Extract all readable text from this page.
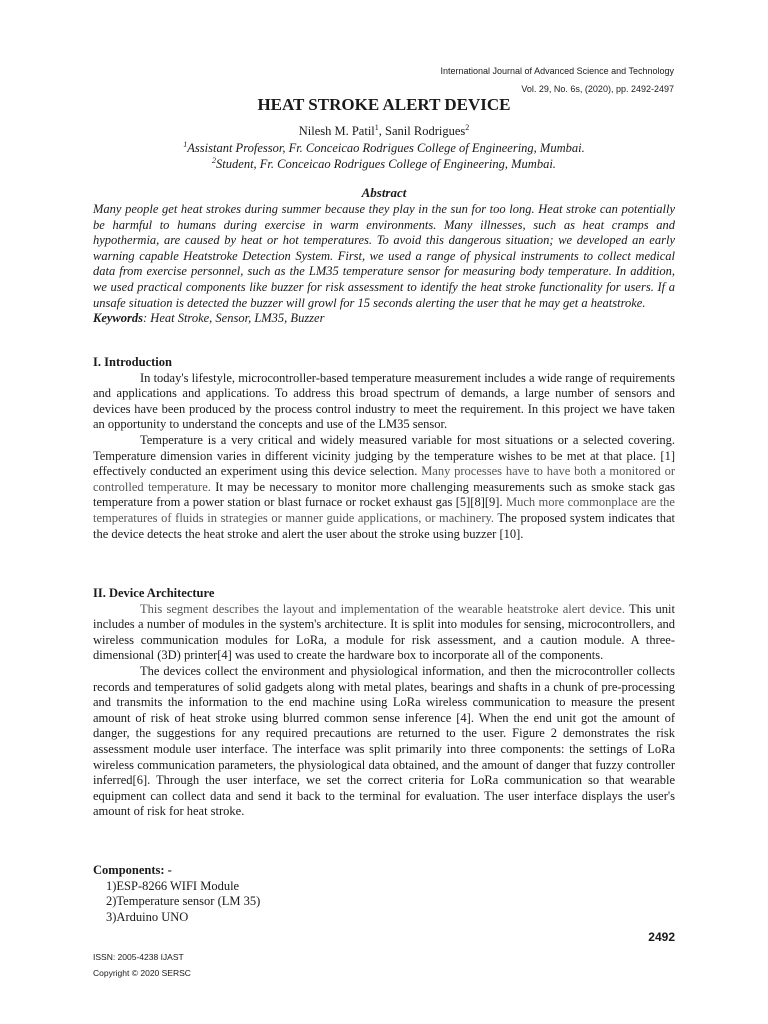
International Journal of Advanced Science and Technology
Vol. 29, No. 6s, (2020), pp. 2492-2497
HEAT STROKE ALERT DEVICE
Nilesh M. Patil$^1$, Sanil Rodrigues$^2$
$^1$Assistant Professor, Fr. Conceicao Rodrigues College of Engineering, Mumbai.
$^2$Student, Fr. Conceicao Rodrigues College of Engineering, Mumbai.
Abstract
Many people get heat strokes during summer because they play in the sun for too long. Heat stroke can potentially be harmful to humans during exercise in warm environments. Many illnesses, such as heat cramps and hypothermia, are caused by heat or hot temperatures. To avoid this dangerous situation; we developed an early warning capable Heatstroke Detection System. First, we used a range of physical instruments to collect medical data from exercise personnel, such as the LM35 temperature sensor for measuring body temperature. In addition, we used practical components like buzzer for risk assessment to identify the heat stroke functionality for users. If a unsafe situation is detected the buzzer will growl for 15 seconds alerting the user that he may get a heatstroke.
Keywords: Heat Stroke, Sensor, LM35, Buzzer
I. Introduction
In today's lifestyle, microcontroller-based temperature measurement includes a wide range of requirements and applications and applications. To address this broad spectrum of demands, a large number of sensors and devices have been produced by the process control industry to meet the requirement. In this project we have taken an opportunity to understand the concepts and use of the LM35 sensor.
Temperature is a very critical and widely measured variable for most situations or a selected covering. Temperature dimension varies in different vicinity judging by the temperature wishes to be met at that place. [1] effectively conducted an experiment using this device selection. Many processes have to have both a monitored or controlled temperature. It may be necessary to monitor more challenging measurements such as smoke stack gas temperature from a power station or blast furnace or rocket exhaust gas [5][8][9]. Much more commonplace are the temperatures of fluids in strategies or manner guide applications, or machinery. The proposed system indicates that the device detects the heat stroke and alert the user about the stroke using buzzer [10].
II. Device Architecture
This segment describes the layout and implementation of the wearable heatstroke alert device. This unit includes a number of modules in the system's architecture. It is split into modules for sensing, microcontrollers, and wireless communication modules for LoRa, a module for risk assessment, and a caution module. A three-dimensional (3D) printer[4] was used to create the hardware box to incorporate all of the components.
The devices collect the environment and physiological information, and then the microcontroller collects records and temperatures of solid gadgets along with metal plates, bearings and shafts in a chunk of pre-processing and transmits the information to the end machine using LoRa wireless communication to measure the present amount of risk of heat stroke using blurred common sense inference [4]. When the end unit got the amount of danger, the suggestions for any required precautions are returned to the user. Figure 2 demonstrates the risk assessment module user interface. The interface was split primarily into three components: the settings of LoRa wireless communication parameters, the physiological data obtained, and the amount of danger that fuzzy controller inferred[6]. Through the user interface, we set the correct criteria for LoRa communication so that wearable equipment can collect data and send it back to the terminal for evaluation. The user interface displays the user's amount of risk for heat stroke.
Components: -
1)ESP-8266 WIFI Module
2)Temperature sensor (LM 35)
3)Arduino UNO
2492
ISSN: 2005-4238 IJAST
Copyright © 2020 SERSC
